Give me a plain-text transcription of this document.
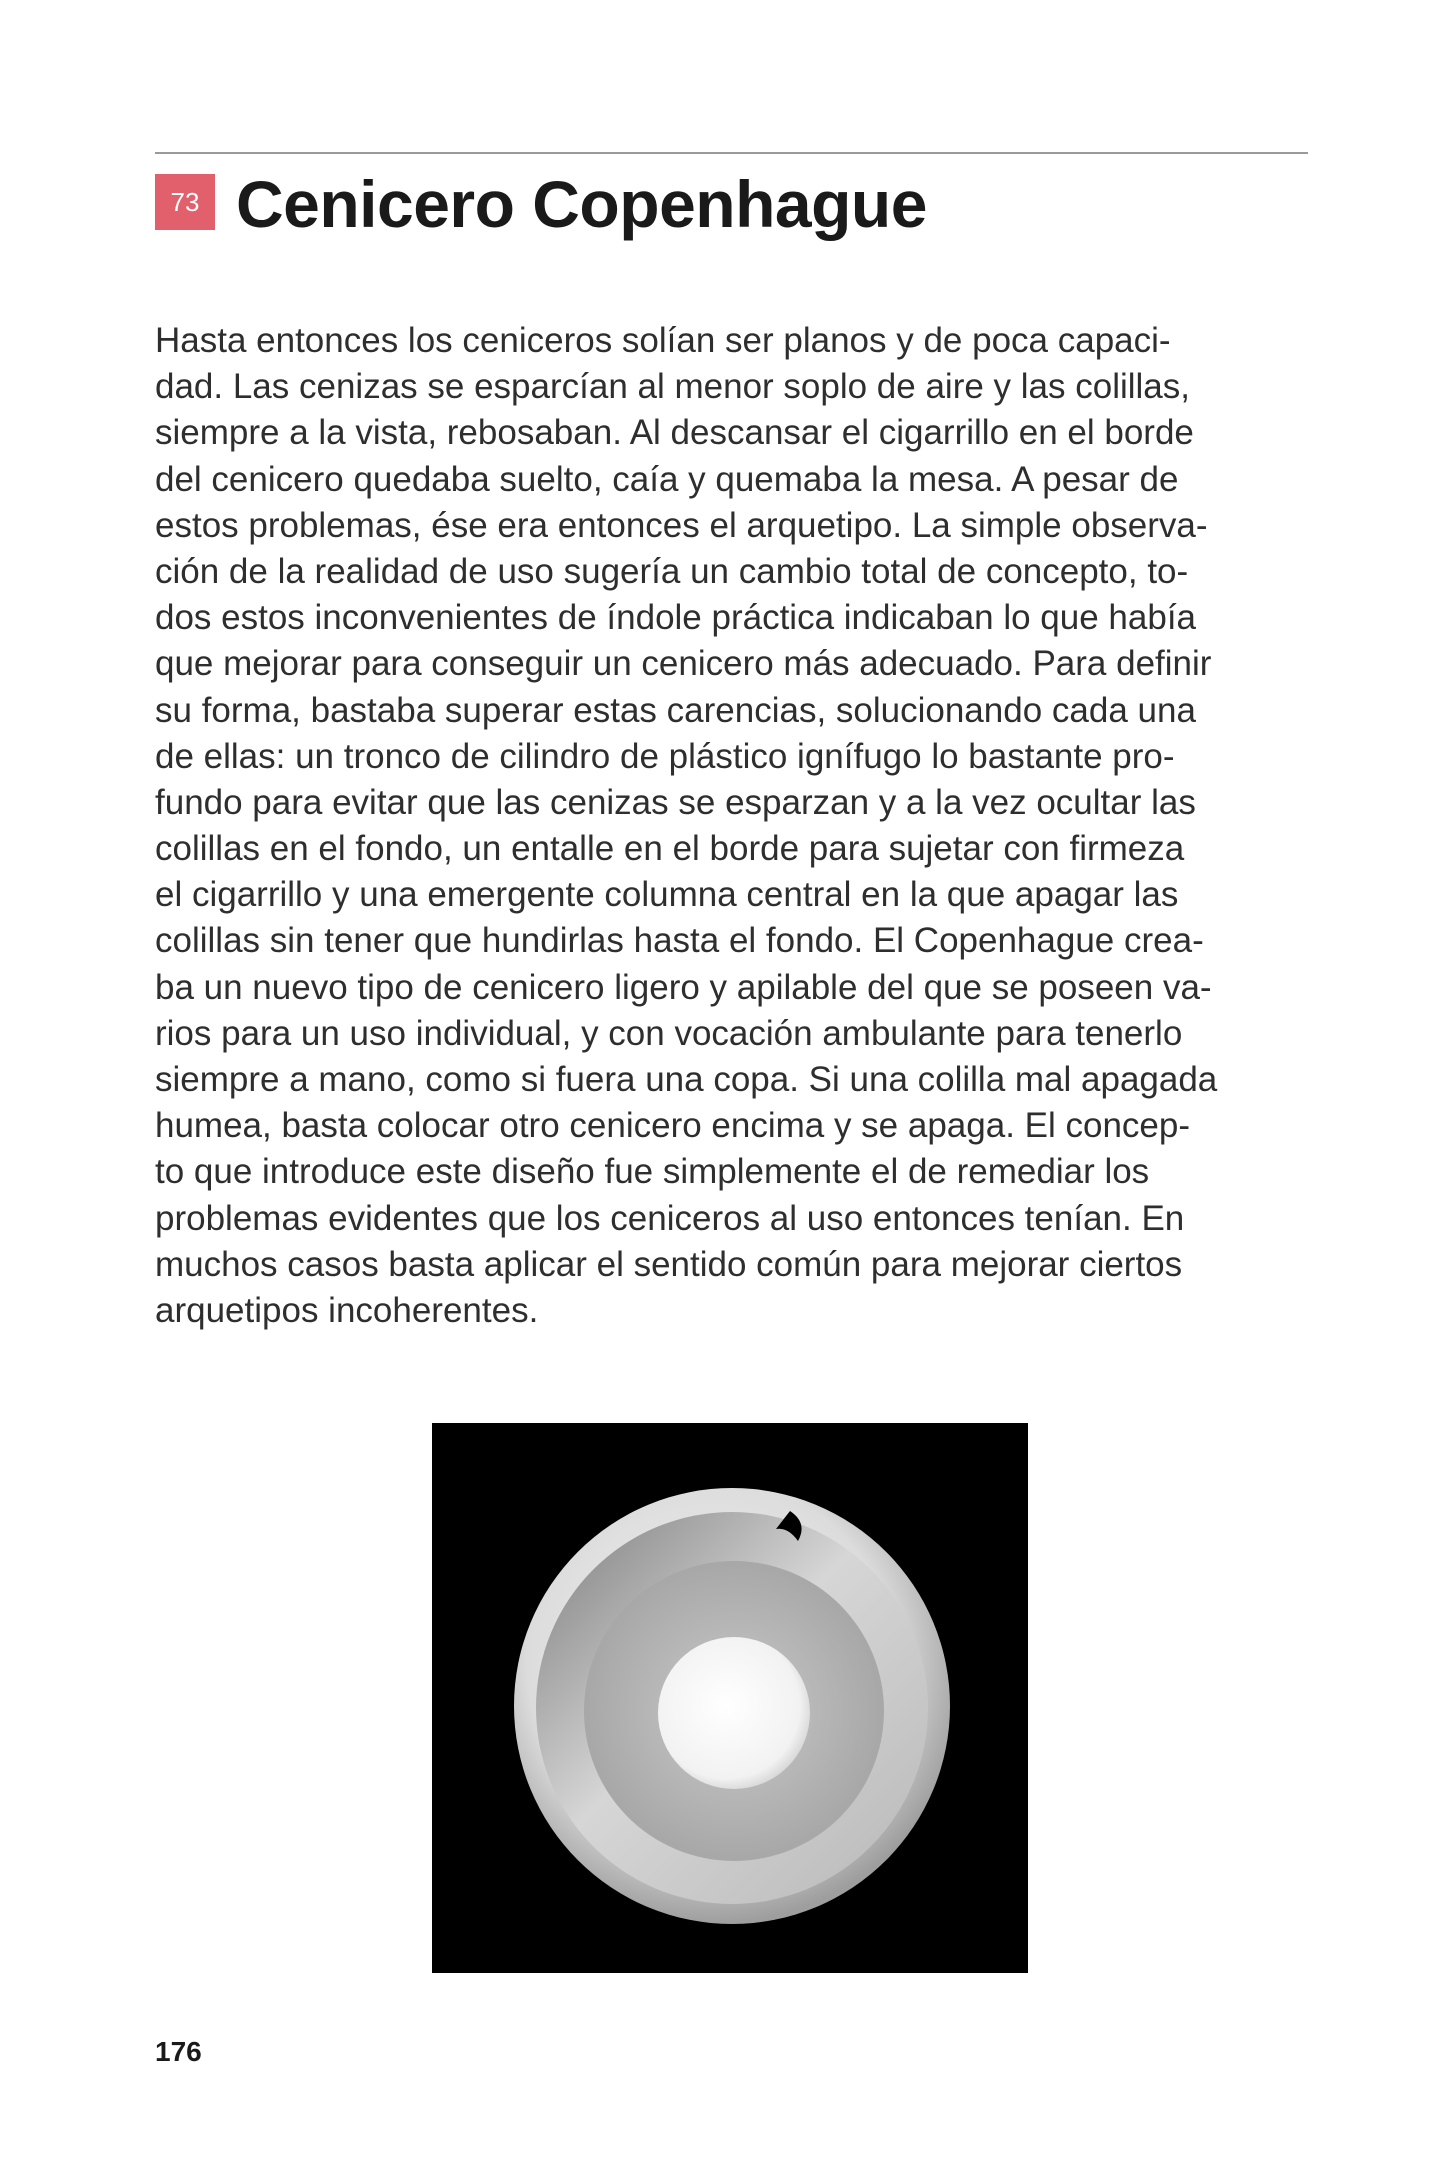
73 Cenicero Copenhague

Hasta entonces los ceniceros solían ser planos y de poca capaci-
dad. Las cenizas se esparcían al menor soplo de aire y las colillas,
siempre a la vista, rebosaban. Al descansar el cigarrillo en el borde
del cenicero quedaba suelto, caía y quemaba la mesa. A pesar de
estos problemas, ése era entonces el arquetipo. La simple observa-
ción de la realidad de uso sugería un cambio total de concepto, to-
dos estos inconvenientes de índole práctica indicaban lo que había
que mejorar para conseguir un cenicero más adecuado. Para definir
su forma, bastaba superar estas carencias, solucionando cada una
de ellas: un tronco de cilindro de plástico ignífugo lo bastante pro-
fundo para evitar que las cenizas se esparzan y a la vez ocultar las
colillas en el fondo, un entalle en el borde para sujetar con firmeza
el cigarrillo y una emergente columna central en la que apagar las
colillas sin tener que hundirlas hasta el fondo. El Copenhague crea-
ba un nuevo tipo de cenicero ligero y apilable del que se poseen va-
rios para un uso individual, y con vocación ambulante para tenerlo
siempre a mano, como si fuera una copa. Si una colilla mal apagada
humea, basta colocar otro cenicero encima y se apaga. El concep-
to que introduce este diseño fue simplemente el de remediar los
problemas evidentes que los ceniceros al uso entonces tenían. En
muchos casos basta aplicar el sentido común para mejorar ciertos
arquetipos incoherentes.

176
